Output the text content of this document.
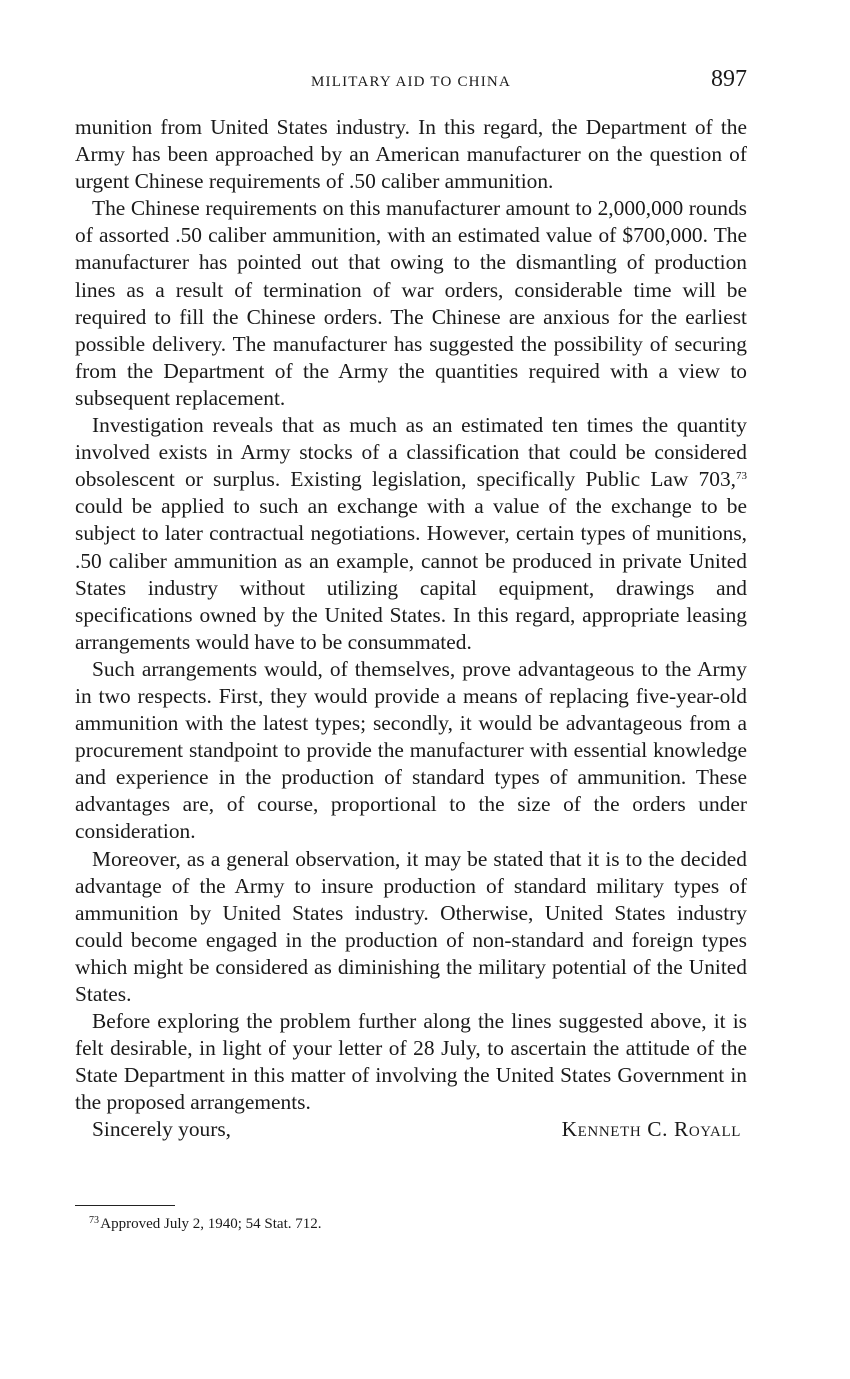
MILITARY AID TO CHINA	897

munition from United States industry. In this regard, the Department of the Army has been approached by an American manufacturer on the question of urgent Chinese requirements of .50 caliber ammunition.

The Chinese requirements on this manufacturer amount to 2,000,000 rounds of assorted .50 caliber ammunition, with an estimated value of $700,000. The manufacturer has pointed out that owing to the dismantling of production lines as a result of termination of war orders, considerable time will be required to fill the Chinese orders. The Chinese are anxious for the earliest possible delivery. The manufacturer has suggested the possibility of securing from the Department of the Army the quantities required with a view to subsequent replacement.

Investigation reveals that as much as an estimated ten times the quantity involved exists in Army stocks of a classification that could be considered obsolescent or surplus. Existing legislation, specifically Public Law 703,73 could be applied to such an exchange with a value of the exchange to be subject to later contractual negotiations. However, certain types of munitions, .50 caliber ammunition as an example, cannot be produced in private United States industry without utilizing capital equipment, drawings and specifications owned by the United States. In this regard, appropriate leasing arrangements would have to be consummated.

Such arrangements would, of themselves, prove advantageous to the Army in two respects. First, they would provide a means of replacing five-year-old ammunition with the latest types; secondly, it would be advantageous from a procurement standpoint to provide the manufacturer with essential knowledge and experience in the production of standard types of ammunition. These advantages are, of course, proportional to the size of the orders under consideration.

Moreover, as a general observation, it may be stated that it is to the decided advantage of the Army to insure production of standard military types of ammunition by United States industry. Otherwise, United States industry could become engaged in the production of non-standard and foreign types which might be considered as diminishing the military potential of the United States.

Before exploring the problem further along the lines suggested above, it is felt desirable, in light of your letter of 28 July, to ascertain the attitude of the State Department in this matter of involving the United States Government in the proposed arrangements.

Sincerely yours,	Kenneth C. Royall
$^{73}$ Approved July 2, 1940; 54 Stat. 712.
